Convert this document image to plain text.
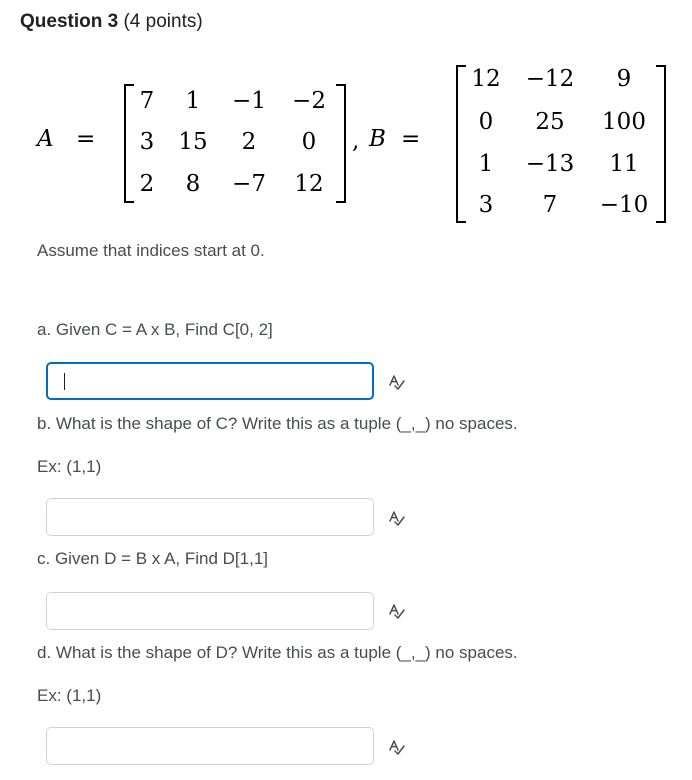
Question 3 (4 points)
A =
7	1	−1	−2
3	15	2	0
2	8	−7	12
, B =
12	−12	9
0	25	100
1	−13	11
3	7	−10
Assume that indices start at 0.
a. Given C = A x B, Find C[0, 2]
b. What is the shape of C? Write this as a tuple (_,_) no spaces.
Ex: (1,1)
c. Given D = B x A, Find D[1,1]
d. What is the shape of D? Write this as a tuple (_,_) no spaces.
Ex: (1,1)
